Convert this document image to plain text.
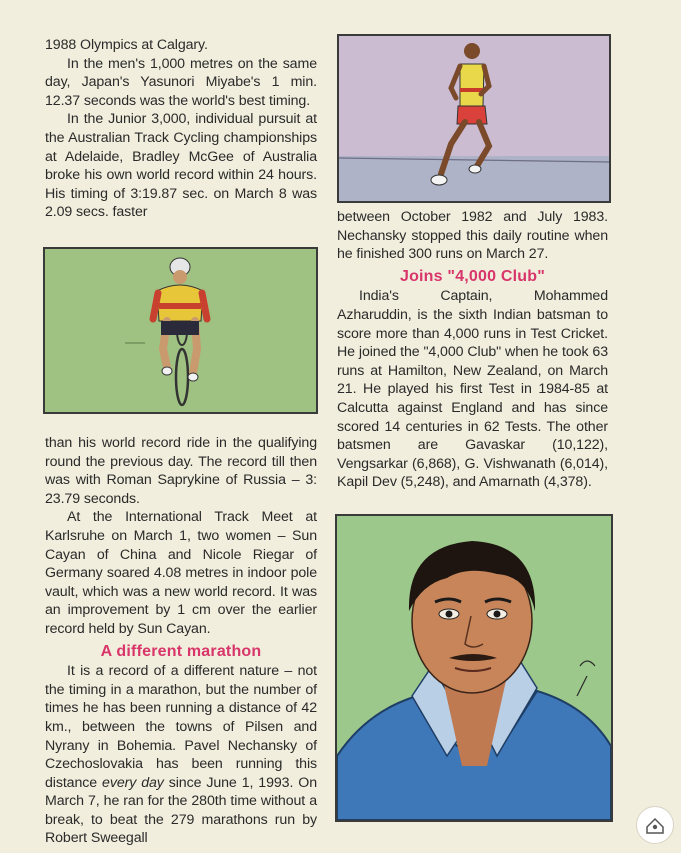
1988 Olympics at Calgary.

In the men's 1,000 metres on the same day, Japan's Yasunori Miyabe's 1 min. 12.37 seconds was the world's best timing.

In the Junior 3,000, individual pursuit at the Australian Track Cycling championships at Adelaide, Bradley McGee of Australia broke his own world record within 24 hours. His timing of 3:19.87 sec. on March 8 was 2.09 secs. faster

than his world record ride in the qualifying round the previous day. The record till then was with Roman Saprykine of Russia – 3: 23.79 seconds.

At the International Track Meet at Karlsruhe on March 1, two women – Sun Cayan of China and Nicole Riegar of Germany soared 4.08 metres in indoor pole vault, which was a new world record. It was an improvement by 1 cm over the earlier record held by Sun Cayan.

A different marathon

It is a record of a different nature – not the timing in a marathon, but the number of times he has been running a distance of 42 km., between the towns of Pilsen and Nyrany in Bohemia. Pavel Nechansky of Czechoslovakia has been running this distance every day since June 1, 1993. On March 7, he ran for the 280th time without a break, to beat the 279 marathons run by Robert Sweegall

between October 1982 and July 1983. Nechansky stopped this daily routine when he finished 300 runs on March 27.

Joins "4,000 Club"

India's Captain, Mohammed Azharuddin, is the sixth Indian batsman to score more than 4,000 runs in Test Cricket. He joined the "4,000 Club" when he took 63 runs at Hamilton, New Zealand, on March 21. He played his first Test in 1984-85 at Calcutta against England and has since scored 14 centuries in 62 Tests. The other batsmen are Gavaskar (10,122), Vengsarkar (6,868), G. Vishwanath (6,014), Kapil Dev (5,248), and Amarnath (4,378).
